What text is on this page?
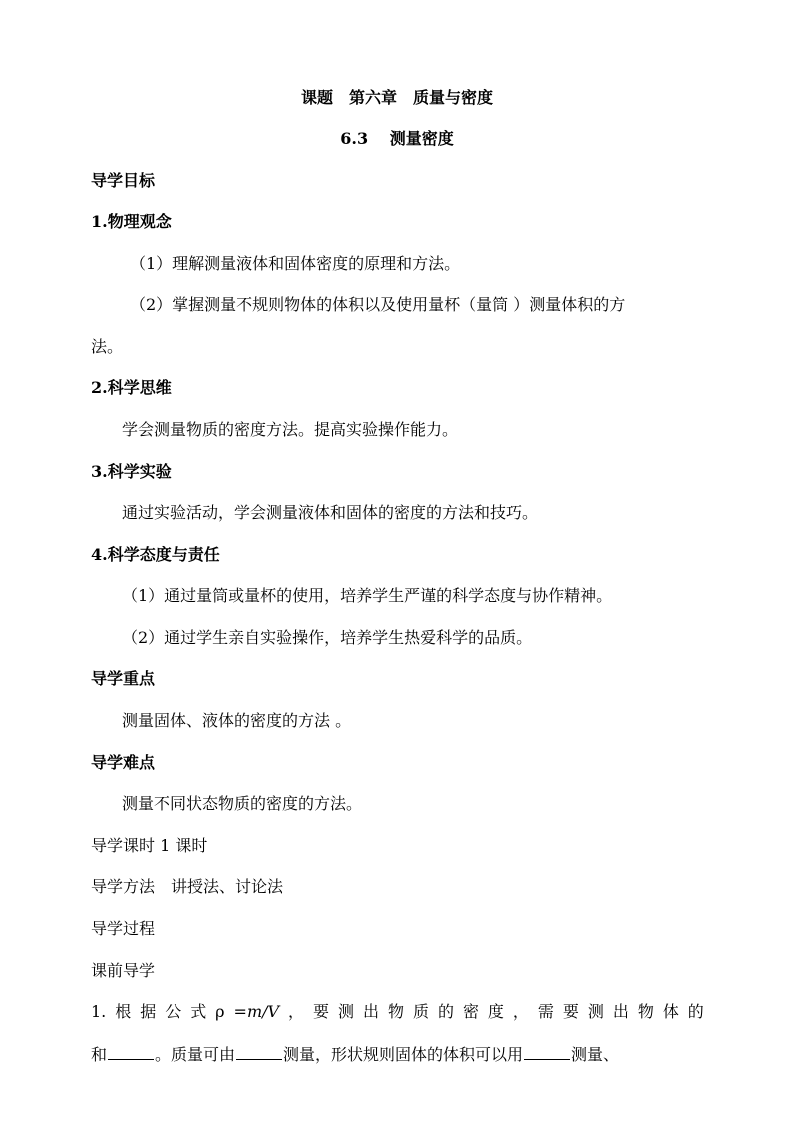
课题　第六章　质量与密度
6.3　 测量密度
导学目标
1.物理观念
（1）理解测量液体和固体密度的原理和方法。
（2）掌握测量不规则物体的体积以及使用量杯（量筒 ）测量体积的方
法。
2.科学思维
学会测量物质的密度方法。提高实验操作能力。
3.科学实验
通过实验活动，学会测量液体和固体的密度的方法和技巧。
4.科学态度与责任
（1）通过量筒或量杯的使用，培养学生严谨的科学态度与协作精神。
（2）通过学生亲自实验操作，培养学生热爱科学的品质。
导学重点
测量固体、液体的密度的方法 。
导学难点
测量不同状态物质的密度的方法。
导学课时 1 课时
导学方法　讲授法、讨论法
导学过程
课前导学
1. 根 据 公 式 ρ =m/V ， 要 测 出 物 质 的 密 度 ， 需 要 测 出 物 体 的
和	。质量可由	测量，形状规则固体的体积可以用	测量、
